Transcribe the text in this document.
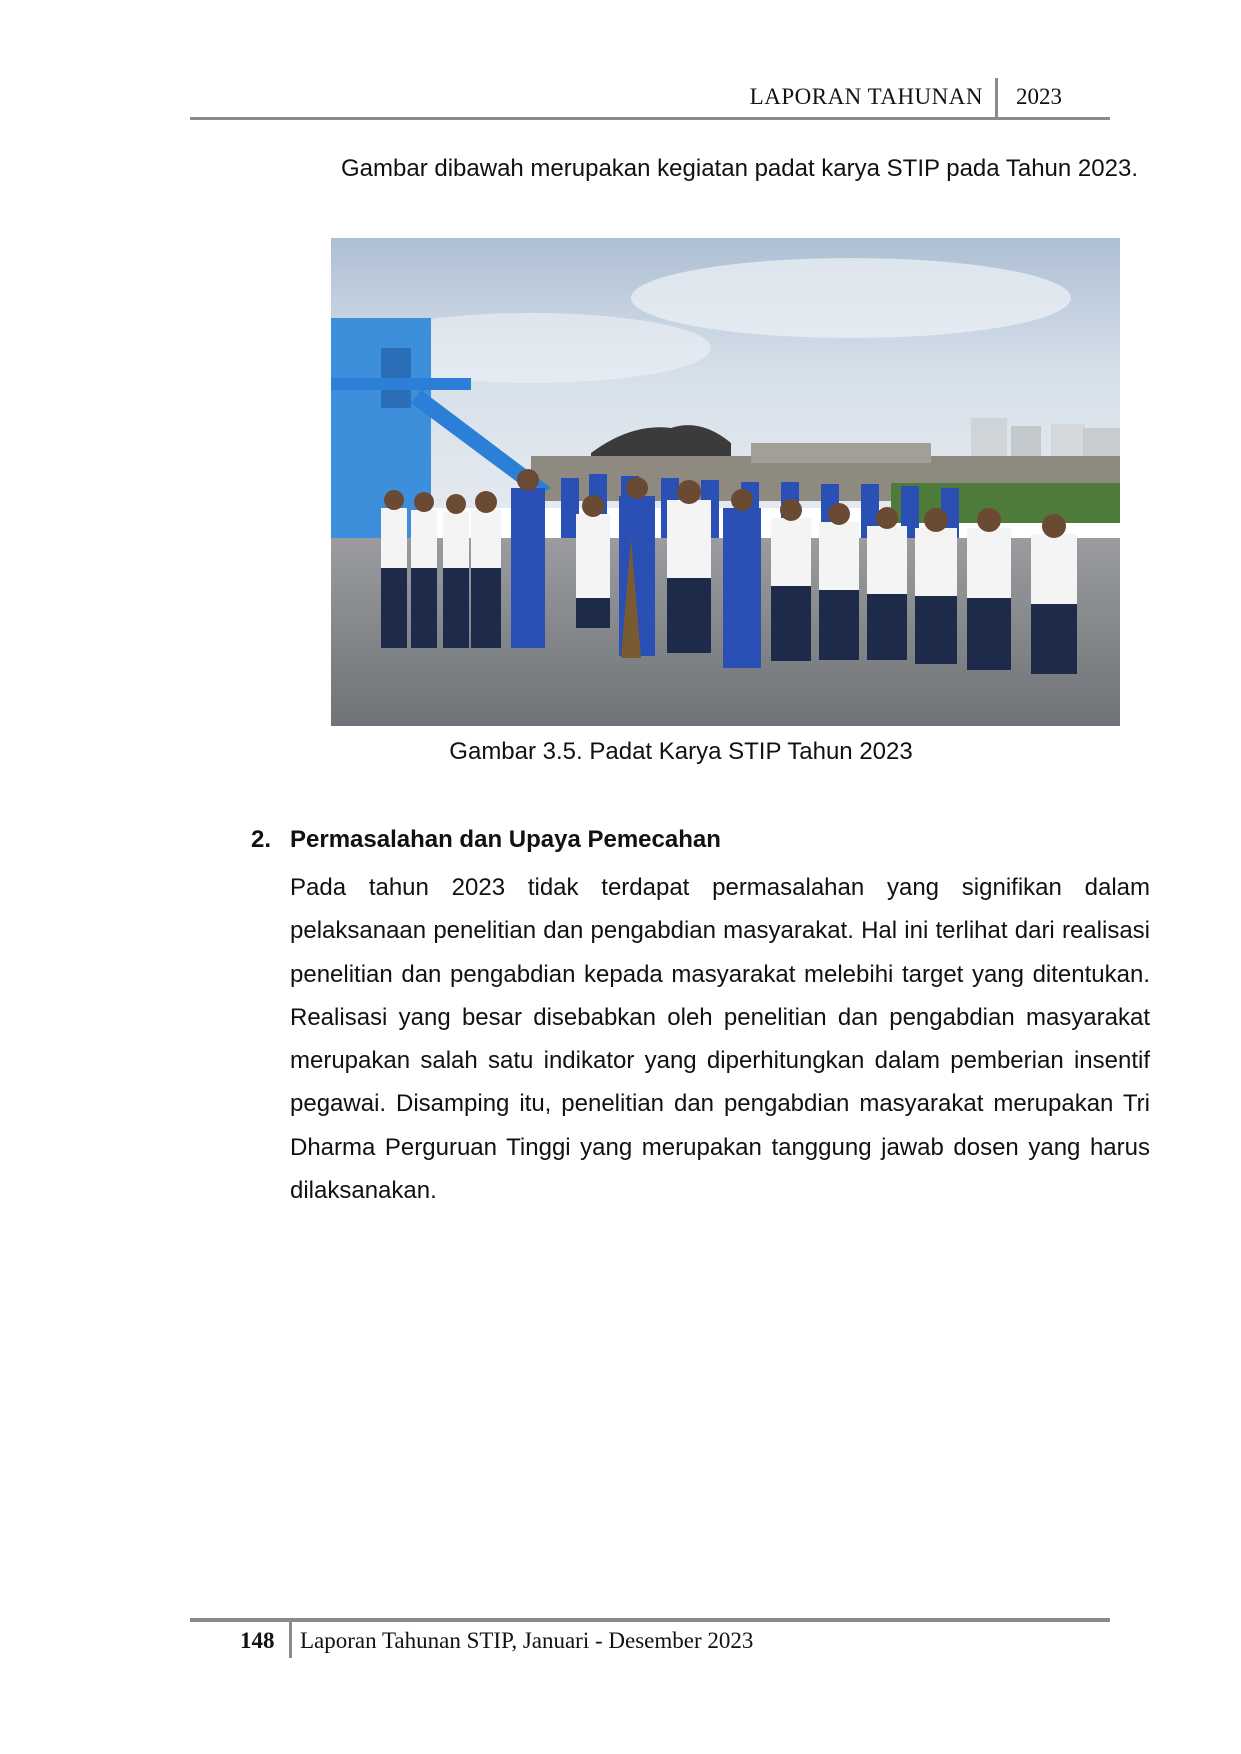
LAPORAN TAHUNAN 2023

Gambar dibawah merupakan kegiatan padat karya STIP pada Tahun 2023.

Gambar 3.5. Padat Karya STIP Tahun 2023
2. Permasalahan dan Upaya Pemecahan

Pada tahun 2023 tidak terdapat permasalahan yang signifikan dalam pelaksanaan penelitian dan pengabdian masyarakat. Hal ini terlihat dari realisasi penelitian dan pengabdian kepada masyarakat melebihi target yang ditentukan. Realisasi yang besar disebabkan oleh penelitian dan pengabdian masyarakat merupakan salah satu indikator yang diperhitungkan dalam pemberian insentif pegawai. Disamping itu, penelitian dan pengabdian masyarakat merupakan Tri Dharma Perguruan Tinggi yang merupakan tanggung jawab dosen yang harus dilaksanakan.

148 Laporan Tahunan STIP, Januari - Desember 2023
